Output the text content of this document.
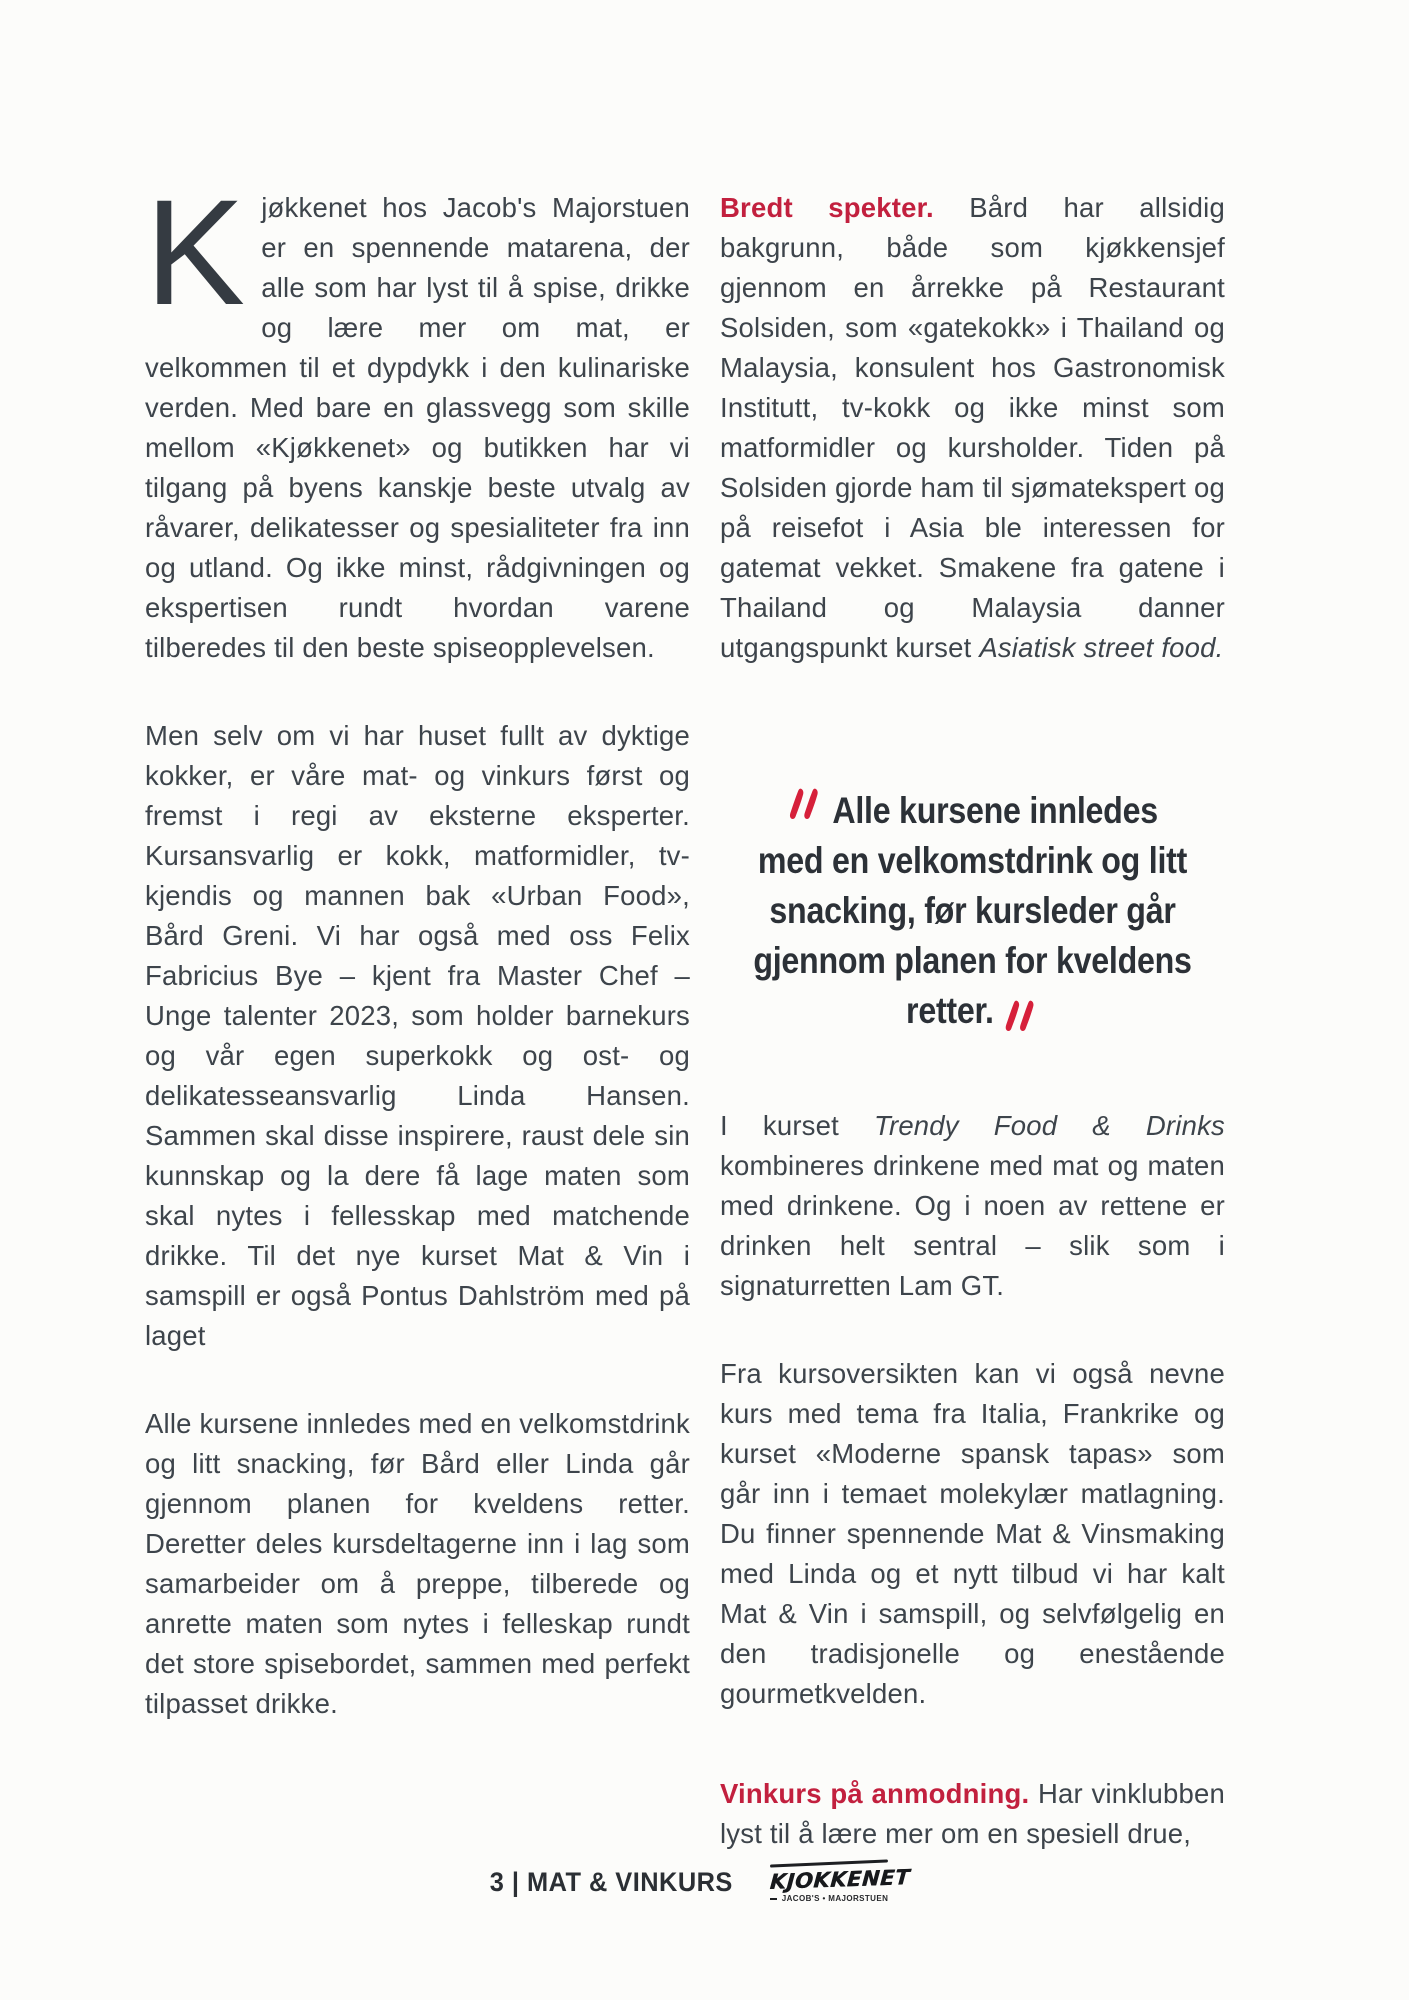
Kjøkkenet hos Jacob's Majorstuen er en spennende matarena, der alle som har lyst til å spise, drikke og lære mer om mat, er velkommen til et dypdykk i den kulinariske verden. Med bare en glassvegg som skille mellom «Kjøkkenet» og butikken har vi tilgang på byens kanskje beste utvalg av råvarer, delikatesser og spesialiteter fra inn og utland. Og ikke minst, rådgivningen og ekspertisen rundt hvordan varene tilberedes til den beste spiseopplevelsen.

Men selv om vi har huset fullt av dyktige kokker, er våre mat- og vinkurs først og fremst i regi av eksterne eksperter. Kursansvarlig er kokk, matformidler, tv-kjendis og mannen bak «Urban Food», Bård Greni. Vi har også med oss Felix Fabricius Bye – kjent fra Master Chef – Unge talenter 2023, som holder barnekurs og vår egen superkokk og ost- og delikatesseansvarlig Linda Hansen. Sammen skal disse inspirere, raust dele sin kunnskap og la dere få lage maten som skal nytes i fellesskap med matchende drikke. Til det nye kurset Mat & Vin i samspill er også Pontus Dahlström med på laget

Alle kursene innledes med en velkomstdrink og litt snacking, før Bård eller Linda går gjennom planen for kveldens retter. Deretter deles kursdeltagerne inn i lag som samarbeider om å preppe, tilberede og anrette maten som nytes i felleskap rundt det store spisebordet, sammen med perfekt tilpasset drikke.

Bredt spekter. Bård har allsidig bakgrunn, både som kjøkkensjef gjennom en årrekke på Restaurant Solsiden, som «gatekokk» i Thailand og Malaysia, konsulent hos Gastronomisk Institutt, tv-kokk og ikke minst som matformidler og kursholder. Tiden på Solsiden gjorde ham til sjømatekspert og på reisefot i Asia ble interessen for gatemat vekket. Smakene fra gatene i Thailand og Malaysia danner utgangspunkt kurset Asiatisk street food.

Alle kursene innledes med en velkomstdrink og litt snacking, før kursleder går gjennom planen for kveldens retter.

I kurset Trendy Food & Drinks kombineres drinkene med mat og maten med drinkene. Og i noen av rettene er drinken helt sentral – slik som i signaturretten Lam GT.

Fra kursoversikten kan vi også nevne kurs med tema fra Italia, Frankrike og kurset «Moderne spansk tapas» som går inn i temaet molekylær matlagning. Du finner spennende Mat & Vinsmaking med Linda og et nytt tilbud vi har kalt Mat & Vin i samspill, og selvfølgelig en den tradisjonelle og enestående gourmetkvelden.

Vinkurs på anmodning. Har vinklubben lyst til å lære mer om en spesiell drue,

3 | MAT & VINKURS KJOKKENET
JACOB'S • MAJORSTUEN
